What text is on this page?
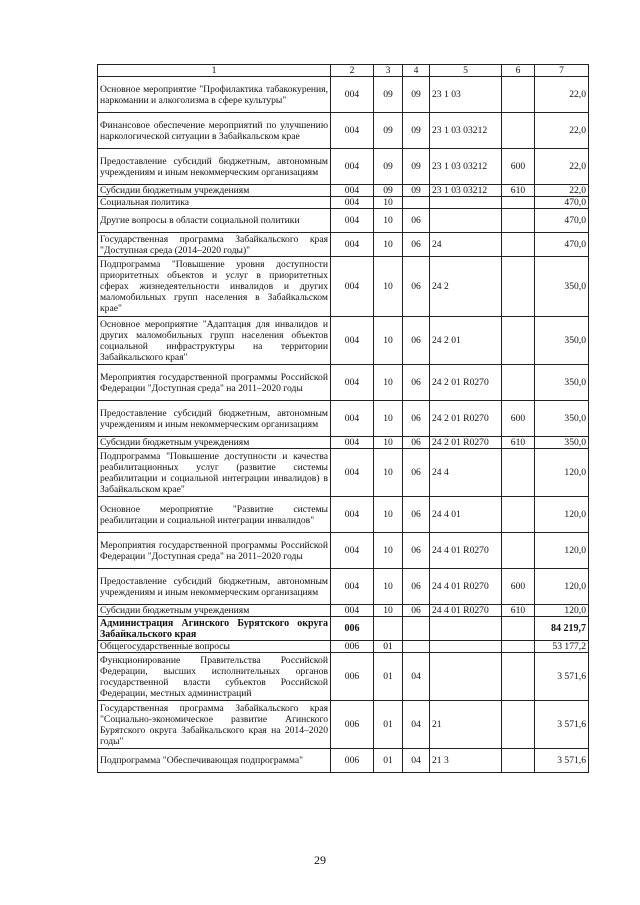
1	2	3	4	5	6	7
Основное мероприятие "Профилактика табакокурения, наркомании и алкоголизма в сфере культуры"	004	09	09	23 1 03		22,0
Финансовое обеспечение мероприятий по улучшению наркологической ситуации в Забайкальском крае	004	09	09	23 1 03 03212		22,0
Предоставление субсидий бюджетным, автономным учреждениям и иным некоммерческим организациям	004	09	09	23 1 03 03212	600	22,0
Субсидии бюджетным учреждениям	004	09	09	23 1 03 03212	610	22,0
Социальная политика	004	10				470,0
Другие вопросы в области социальной политики	004	10	06			470,0
Государственная программа Забайкальского края "Доступная среда (2014–2020 годы)"	004	10	06	24		470,0
Подпрограмма "Повышение уровня доступности приоритетных объектов и услуг в приоритетных сферах жизнедеятельности инвалидов и других маломобильных групп населения в Забайкальском крае"	004	10	06	24 2		350,0
Основное мероприятие "Адаптация для инвалидов и других маломобильных групп населения объектов социальной инфраструктуры на территории Забайкальского края"	004	10	06	24 2 01		350,0
Мероприятия государственной программы Российской Федерации "Доступная среда" на 2011–2020 годы	004	10	06	24 2 01 R0270		350,0
Предоставление субсидий бюджетным, автономным учреждениям и иным некоммерческим организациям	004	10	06	24 2 01 R0270	600	350,0
Субсидии бюджетным учреждениям	004	10	06	24 2 01 R0270	610	350,0
Подпрограмма "Повышение доступности и качества реабилитационных услуг (развитие системы реабилитации и социальной интеграции инвалидов) в Забайкальском крае"	004	10	06	24 4		120,0
Основное мероприятие "Развитие системы реабилитации и социальной интеграции инвалидов"	004	10	06	24 4 01		120,0
Мероприятия государственной программы Российской Федерации "Доступная среда" на 2011–2020 годы	004	10	06	24 4 01 R0270		120,0
Предоставление субсидий бюджетным, автономным учреждениям и иным некоммерческим организациям	004	10	06	24 4 01 R0270	600	120,0
Субсидии бюджетным учреждениям	004	10	06	24 4 01 R0270	610	120,0
Администрация Агинского Бурятского округа Забайкальского края	006					84 219,7
Общегосударственные вопросы	006	01				53 177,2
Функционирование Правительства Российской Федерации, высших исполнительных органов государственной власти субъектов Российской Федерации, местных администраций	006	01	04			3 571,6
Государственная программа Забайкальского края "Социально-экономическое развитие Агинского Бурятского округа Забайкальского края на 2014–2020 годы"	006	01	04	21		3 571,6
Подпрограмма "Обеспечивающая подпрограмма"	006	01	04	21 3		3 571,6
29
